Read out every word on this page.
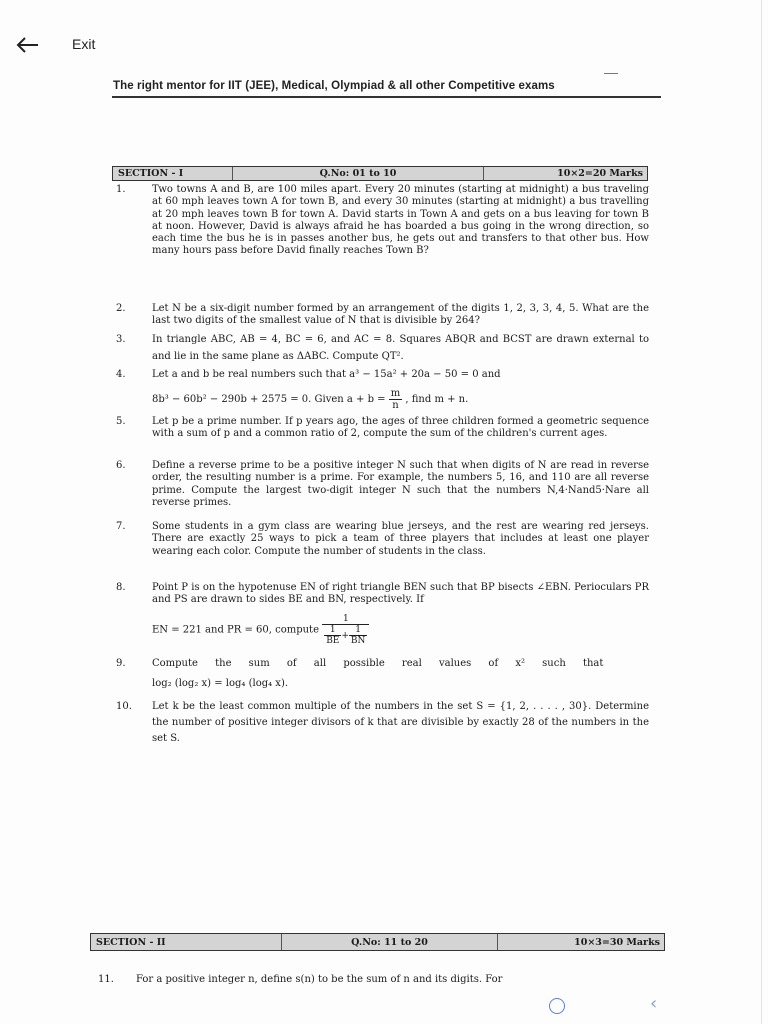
Exit
The right mentor for IIT (JEE), Medical, Olympiad & all other Competitive exams
SECTION - I	Q.No: 01 to 10	10×2=20 Marks
1.	Two towns A and B, are 100 miles apart. Every 20 minutes (starting at midnight) a bus traveling at 60 mph leaves town A for town B, and every 30 minutes (starting at midnight) a bus travelling at 20 mph leaves town B for town A. David starts in Town A and gets on a bus leaving for town B at noon. However, David is always afraid he has boarded a bus going in the wrong direction, so each time the bus he is in passes another bus, he gets out and transfers to that other bus. How many hours pass before David finally reaches Town B?
2.	Let N be a six-digit number formed by an arrangement of the digits 1, 2, 3, 3, 4, 5. What are the last two digits of the smallest value of N that is divisible by 264?
3.	In triangle ABC, AB = 4, BC = 6, and AC = 8. Squares ABQR and BCST are drawn external to and lie in the same plane as ΔABC. Compute QT².
4.	Let a and b be real numbers such that a³ − 15a² + 20a − 50 = 0 and
8b³ − 60b² − 290b + 2575 = 0. Given $a + b = \frac{m}{n}$ , find m + n.
5.	Let p be a prime number. If p years ago, the ages of three children formed a geometric sequence with a sum of p and a common ratio of 2, compute the sum of the children's current ages.
6.	Define a reverse prime to be a positive integer N such that when digits of N are read in reverse order, the resulting number is a prime. For example, the numbers 5, 16, and 110 are all reverse prime. Compute the largest two-digit integer N such that the numbers N,4·Nand5·Nare all reverse primes.
7.	Some students in a gym class are wearing blue jerseys, and the rest are wearing red jerseys. There are exactly 25 ways to pick a team of three players that includes at least one player wearing each color. Compute the number of students in the class.
8.	Point P is on the hypotenuse EN of right triangle BEN such that BP bisects ∠EBN. Perioculars PR and PS are drawn to sides BE and BN, respectively. If
EN = 221 and PR = 60, compute $\frac{1}{\frac{1}{BE} + \frac{1}{BN}}$
9.	Compute the sum of all possible real values of x² such that
log₂ (log₂ x) = log₄ (log₄ x).
10.	Let k be the least common multiple of the numbers in the set S = {1, 2, . . . . , 30}. Determine the number of positive integer divisors of k that are divisible by exactly 28 of the numbers in the set S.
SECTION - II	Q.No: 11 to 20	10×3=30 Marks
11. For a positive integer n, define s(n) to be the sum of n and its digits. For
‹
